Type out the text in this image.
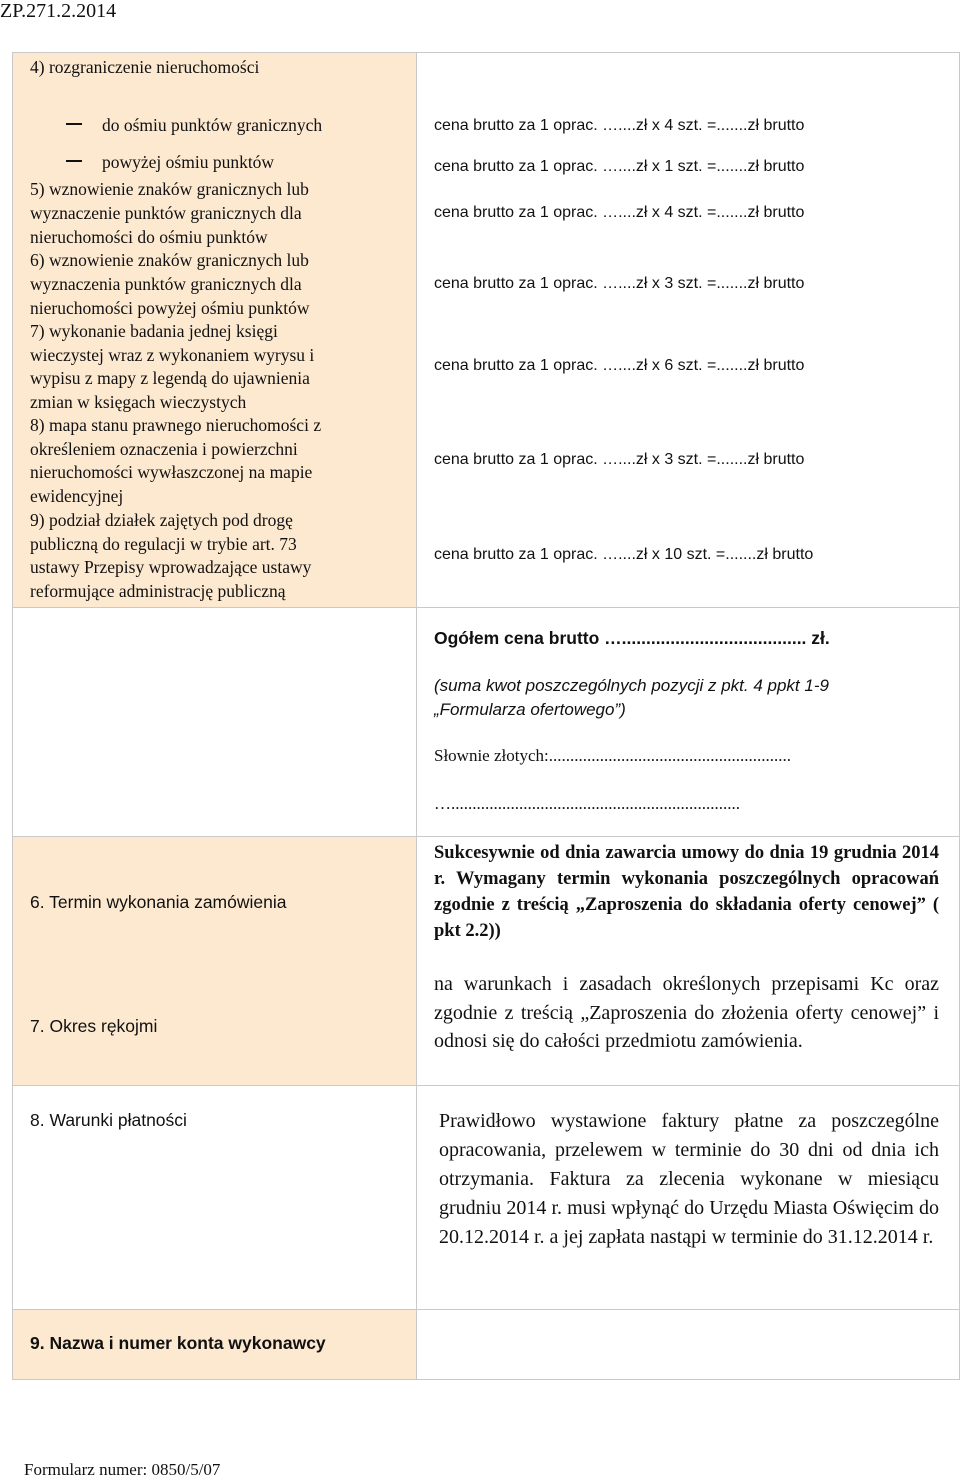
ZP.271.2.2014
4) rozgraniczenie nieruchomości
do ośmiu punktów granicznych
powyżej ośmiu punktów
5) wznowienie znaków granicznych lub
wyznaczenie punktów granicznych dla
nieruchomości do ośmiu punktów
6) wznowienie znaków granicznych lub
wyznaczenia punktów granicznych dla
nieruchomości powyżej ośmiu punktów
7) wykonanie badania jednej księgi
wieczystej wraz z wykonaniem wyrysu i
wypisu z mapy z legendą do ujawnienia
zmian w księgach wieczystych
8) mapa stanu prawnego nieruchomości z
określeniem oznaczenia i powierzchni
nieruchomości wywłaszczonej na mapie
ewidencyjnej
9) podział działek zajętych pod drogę
publiczną do regulacji w trybie art. 73
ustawy Przepisy wprowadzające ustawy
reformujące administrację publiczną
cena brutto za 1 oprac. …....zł x 4 szt. =.......zł brutto
cena brutto za 1 oprac. …....zł x 1 szt. =.......zł brutto
cena brutto za 1 oprac. …....zł x 4 szt. =.......zł brutto
cena brutto za 1 oprac. …....zł x 3 szt. =.......zł brutto
cena brutto za 1 oprac. …....zł x 6 szt. =.......zł brutto
cena brutto za 1 oprac. …....zł x 3 szt. =.......zł brutto
cena brutto za 1 oprac. …....zł x 10 szt. =.......zł brutto
Ogółem cena brutto …...................................... zł.
(suma kwot poszczególnych pozycji z pkt. 4 ppkt 1-9
„Formularza ofertowego”)
Słownie złotych:.........................................................
…....................................................................
6. Termin wykonania zamówienia
7. Okres rękojmi
Sukcesywnie od dnia zawarcia umowy do dnia 19 grudnia 2014 r. Wymagany termin wykonania poszczególnych opracowań zgodnie z treścią „Zaproszenia do składania oferty cenowej” ( pkt 2.2))
na warunkach i zasadach określonych przepisami Kc oraz zgodnie z treścią „Zaproszenia do złożenia oferty cenowej” i odnosi się do całości przedmiotu zamówienia.
8. Warunki płatności	Prawidłowo wystawione faktury płatne za poszczególne opracowania, przelewem w terminie do 30 dni od dnia ich otrzymania. Faktura za zlecenia wykonane w miesiącu grudniu 2014 r. musi wpłynąć do Urzędu Miasta Oświęcim do 20.12.2014 r. a jej zapłata nastąpi w terminie do 31.12.2014 r.
9. Nazwa i numer konta wykonawcy
Formularz numer: 0850/5/07
